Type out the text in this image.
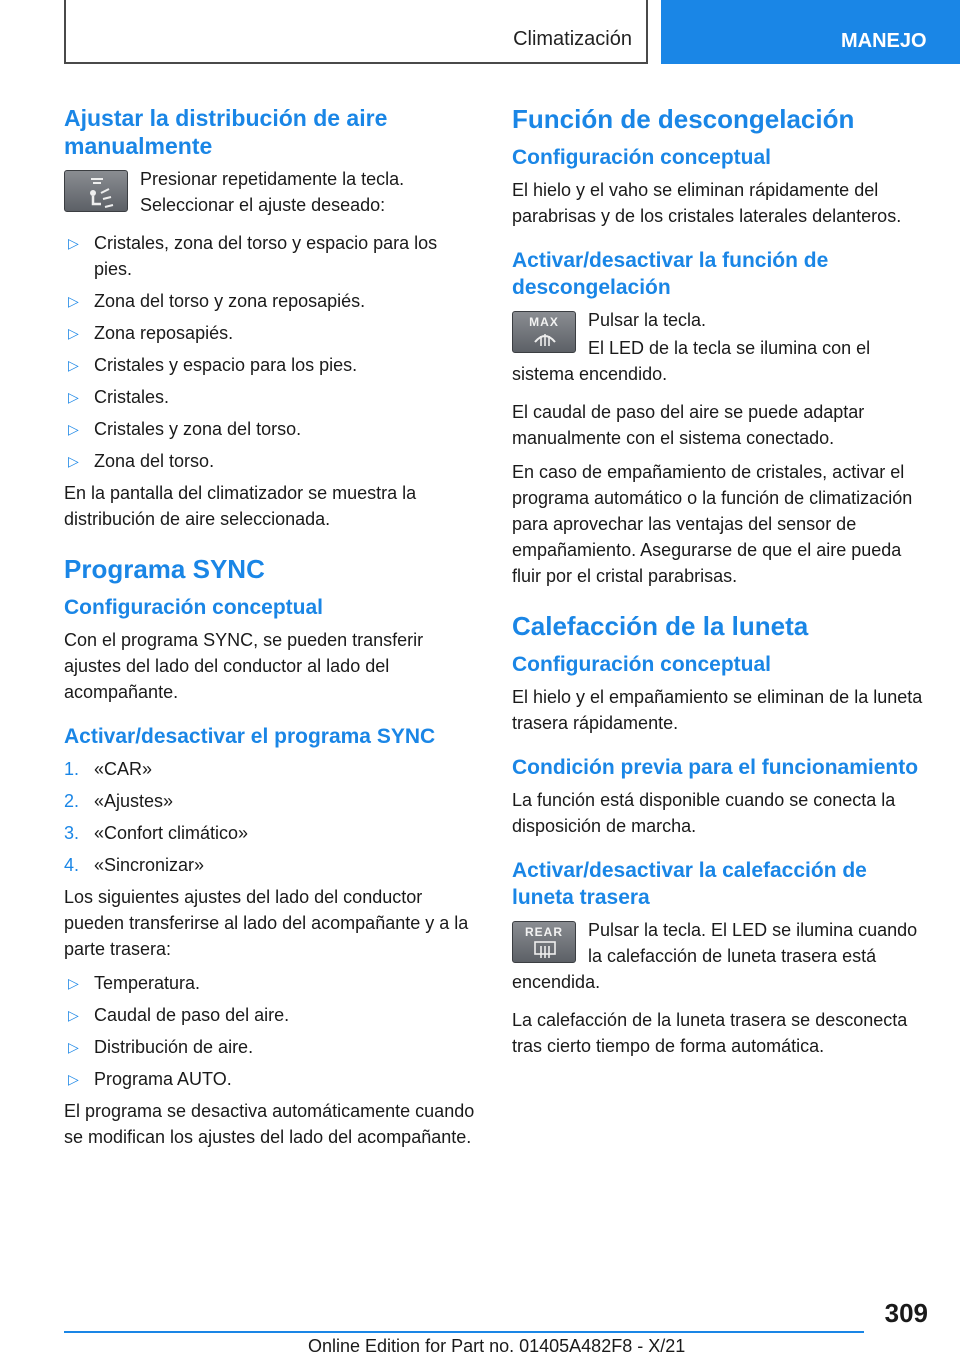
Climatización	MANEJO
Ajustar la distribución de aire manualmente

Presionar repetidamente la tecla. Seleccionar el ajuste deseado:

▷ Cristales, zona del torso y espacio para los pies.
▷ Zona del torso y zona reposapiés.
▷ Zona reposapiés.
▷ Cristales y espacio para los pies.
▷ Cristales.
▷ Cristales y zona del torso.
▷ Zona del torso.

En la pantalla del climatizador se muestra la distribución de aire seleccionada.

Programa SYNC
Configuración conceptual

Con el programa SYNC, se pueden transferir ajustes del lado del conductor al lado del acompañante.

Activar/desactivar el programa SYNC
1. «CAR»
2. «Ajustes»
3. «Confort climático»
4. «Sincronizar»

Los siguientes ajustes del lado del conductor pueden transferirse al lado del acompañante y a la parte trasera:

▷ Temperatura.
▷ Caudal de paso del aire.
▷ Distribución de aire.
▷ Programa AUTO.

El programa se desactiva automáticamente cuando se modifican los ajustes del lado del acompañante.

Función de descongelación
Configuración conceptual

El hielo y el vaho se eliminan rápidamente del parabrisas y de los cristales laterales delanteros.

Activar/desactivar la función de descongelación
MAX	Pulsar la tecla.

El LED de la tecla se ilumina con el sistema encendido.

El caudal de paso del aire se puede adaptar manualmente con el sistema conectado.

En caso de empañamiento de cristales, activar el programa automático o la función de climatización para aprovechar las ventajas del sensor de empañamiento. Asegurarse de que el aire pueda fluir por el cristal parabrisas.

Calefacción de la luneta
Configuración conceptual

El hielo y el empañamiento se eliminan de la luneta trasera rápidamente.

Condición previa para el funcionamiento

La función está disponible cuando se conecta la disposición de marcha.

Activar/desactivar la calefacción de luneta trasera
REAR	Pulsar la tecla. El LED se ilumina cuando la calefacción de luneta trasera está encendida.

La calefacción de la luneta trasera se desconecta tras cierto tiempo de forma automática.

309
Online Edition for Part no. 01405A482F8 - X/21
